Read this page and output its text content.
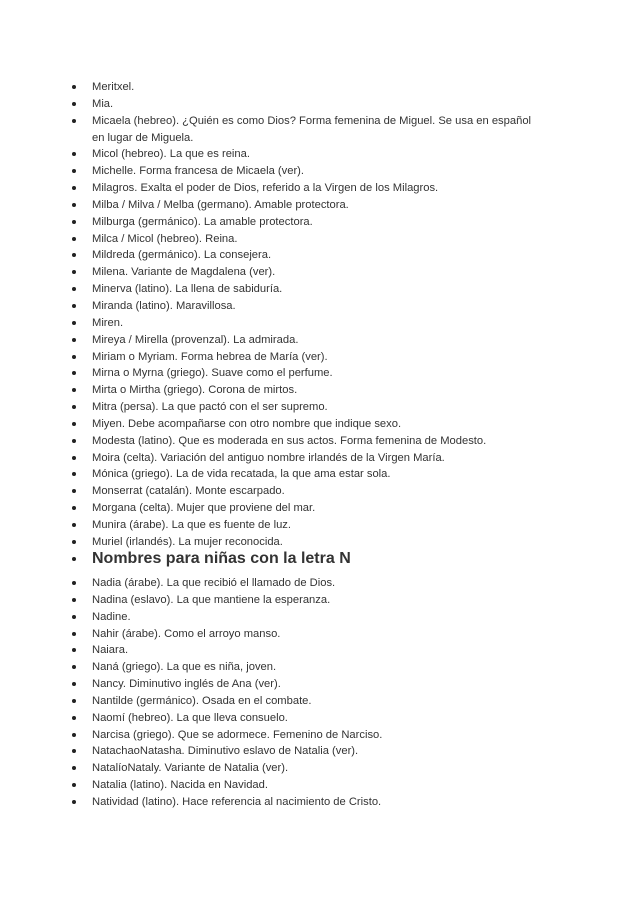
Meritxel.
Mia.
Micaela (hebreo). ¿Quién es como Dios? Forma femenina de Miguel. Se usa en español en lugar de Miguela.
Micol (hebreo). La que es reina.
Michelle. Forma francesa de Micaela (ver).
Milagros. Exalta el poder de Dios, referido a la Virgen de los Milagros.
Milba / Milva / Melba (germano). Amable protectora.
Milburga (germánico). La amable protectora.
Milca / Micol (hebreo). Reina.
Mildreda (germánico). La consejera.
Milena. Variante de Magdalena (ver).
Minerva (latino). La llena de sabiduría.
Miranda (latino). Maravillosa.
Miren.
Mireya / Mirella (provenzal). La admirada.
Miriam o Myriam. Forma hebrea de María (ver).
Mirna o Myrna (griego). Suave como el perfume.
Mirta o Mirtha (griego). Corona de mirtos.
Mitra (persa). La que pactó con el ser supremo.
Miyen. Debe acompañarse con otro nombre que indique sexo.
Modesta (latino). Que es moderada en sus actos. Forma femenina de Modesto.
Moira (celta). Variación del antiguo nombre irlandés de la Virgen María.
Mónica (griego). La de vida recatada, la que ama estar sola.
Monserrat (catalán). Monte escarpado.
Morgana (celta). Mujer que proviene del mar.
Munira (árabe). La que es fuente de luz.
Muriel (irlandés). La mujer reconocida.
Nombres para niñas con la letra N
Nadia (árabe). La que recibió el llamado de Dios.
Nadina (eslavo). La que mantiene la esperanza.
Nadine.
Nahir (árabe). Como el arroyo manso.
Naiara.
Naná (griego). La que es niña, joven.
Nancy. Diminutivo inglés de Ana (ver).
Nantilde (germánico). Osada en el combate.
Naomí (hebreo). La que lleva consuelo.
Narcisa (griego). Que se adormece. Femenino de Narciso.
NatachaoNatasha. Diminutivo eslavo de Natalia (ver).
NatalíoNataly. Variante de Natalia (ver).
Natalia (latino). Nacida en Navidad.
Natividad (latino). Hace referencia al nacimiento de Cristo.
